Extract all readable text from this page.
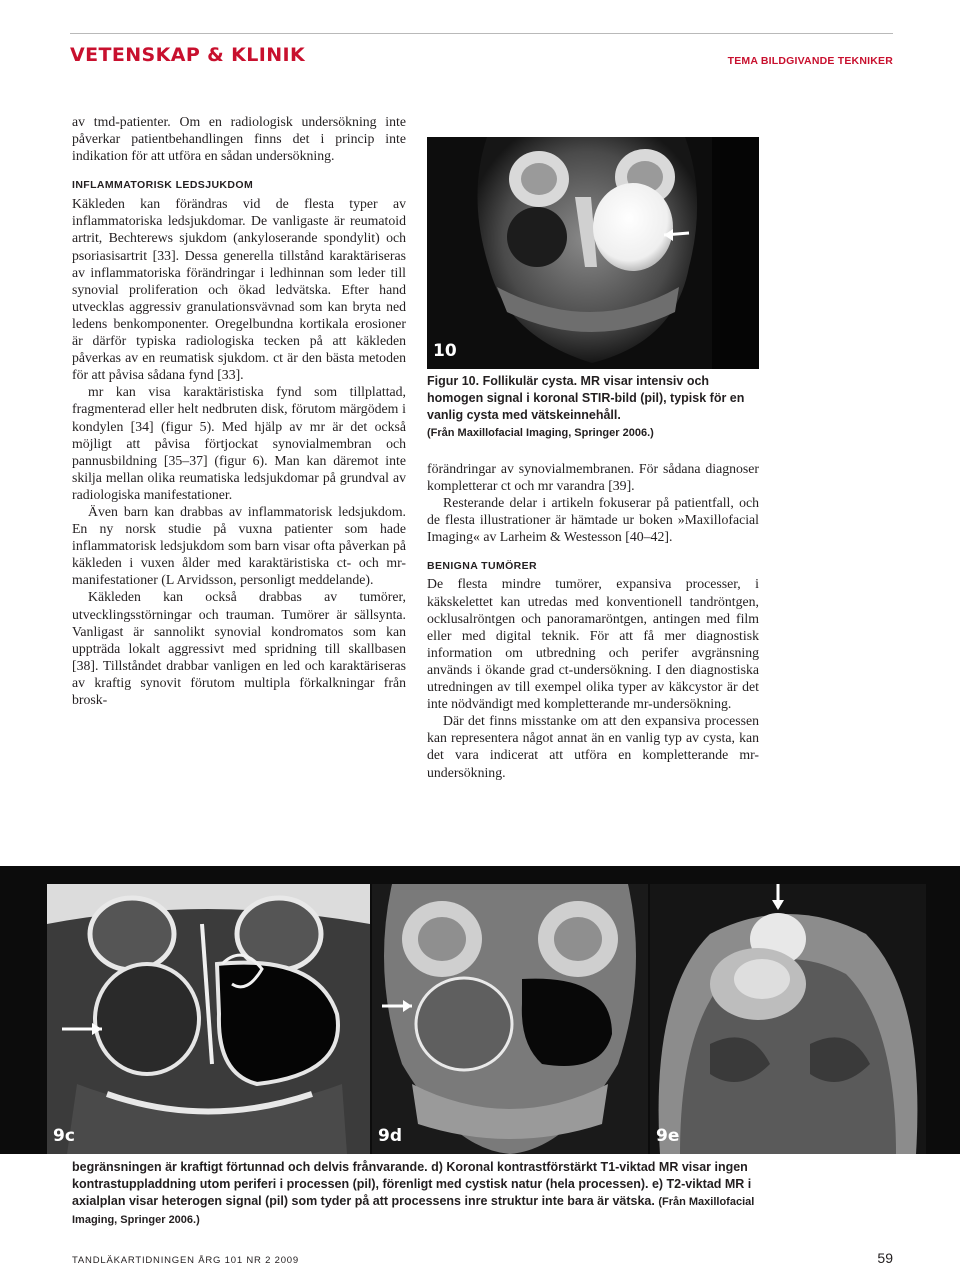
VETENSKAP & KLINIK	TEMA BILDGIVANDE TEKNIKER

av tmd-patienter. Om en radiologisk undersökning inte påverkar patientbehandlingen finns det i princip inte indikation för att utföra en sådan undersökning.

INFLAMMATORISK LEDSJUKDOM

Käkleden kan förändras vid de flesta typer av inflammatoriska ledsjukdomar. De vanligaste är reumatoid artrit, Bechterews sjukdom (ankyloserande spondylit) och psoriasisartrit [33]. Dessa generella tillstånd karaktäriseras av inflammatoriska förändringar i ledhinnan som leder till synovial proliferation och ökad ledvätska. Efter hand utvecklas aggressiv granulationsvävnad som kan bryta ned ledens benkomponenter. Oregelbundna kortikala erosioner är därför typiska radiologiska tecken på att käkleden påverkas av en reumatisk sjukdom. ct är den bästa metoden för att påvisa sådana fynd [33].

mr kan visa karaktäristiska fynd som tillplattad, fragmenterad eller helt nedbruten disk, förutom märgödem i kondylen [34] (figur 5). Med hjälp av mr är det också möjligt att påvisa förtjockat synovialmembran och pannusbildning [35–37] (figur 6). Man kan däremot inte skilja mellan olika reumatiska ledsjukdomar på grundval av radiologiska manifestationer.

Även barn kan drabbas av inflammatorisk ledsjukdom. En ny norsk studie på vuxna patienter som hade inflammatorisk ledsjukdom som barn visar ofta påverkan på käkleden i vuxen ålder med karaktäristiska ct- och mr-manifestationer (L Arvidsson, personligt meddelande).

Käkleden kan också drabbas av tumörer, utvecklingsstörningar och trauman. Tumörer är sällsynta. Vanligast är sannolikt synovial kondromatos som kan uppträda lokalt aggressivt med spridning till skallbasen [38]. Tillståndet drabbar vanligen en led och karaktäriseras av kraftig synovit förutom multipla förkalkningar från brosk-

10
Figur 10. Follikulär cysta. MR visar intensiv och homogen signal i koronal STIR-bild (pil), typisk för en vanlig cysta med vätskeinnehåll.
(Från Maxillofacial Imaging, Springer 2006.)

förändringar av synovialmembranen. För sådana diagnoser kompletterar ct och mr varandra [39].

Resterande delar i artikeln fokuserar på patientfall, och de flesta illustrationer är hämtade ur boken »Maxillofacial Imaging« av Larheim & Westesson [40–42].

BENIGNA TUMÖRER

De flesta mindre tumörer, expansiva processer, i käkskelettet kan utredas med konventionell tandröntgen, ocklusalröntgen och panoramaröntgen, antingen med film eller med digital teknik. För att få mer diagnostisk information om utbredning och perifer avgränsning används i ökande grad ct-undersökning. I den diagnostiska utredningen av till exempel olika typer av käkcystor är det inte nödvändigt med kompletterande mr-undersökning.

Där det finns misstanke om att den expansiva processen kan representera något annat än en vanlig typ av cysta, kan det vara indicerat att utföra en kompletterande mr-undersökning.

9c	9d	9e
begränsningen är kraftigt förtunnad och delvis frånvarande. d) Koronal kontrastförstärkt T1-viktad MR visar ingen kontrastuppladdning utom periferi i processen (pil), förenligt med cystisk natur (hela processen). e) T2-viktad MR i axialplan visar heterogen signal (pil) som tyder på att processens inre struktur inte bara är vätska. (Från Maxillofacial Imaging, Springer 2006.)
TANDLÄKARTIDNINGEN ÅRG 101 NR 2 2009	59
